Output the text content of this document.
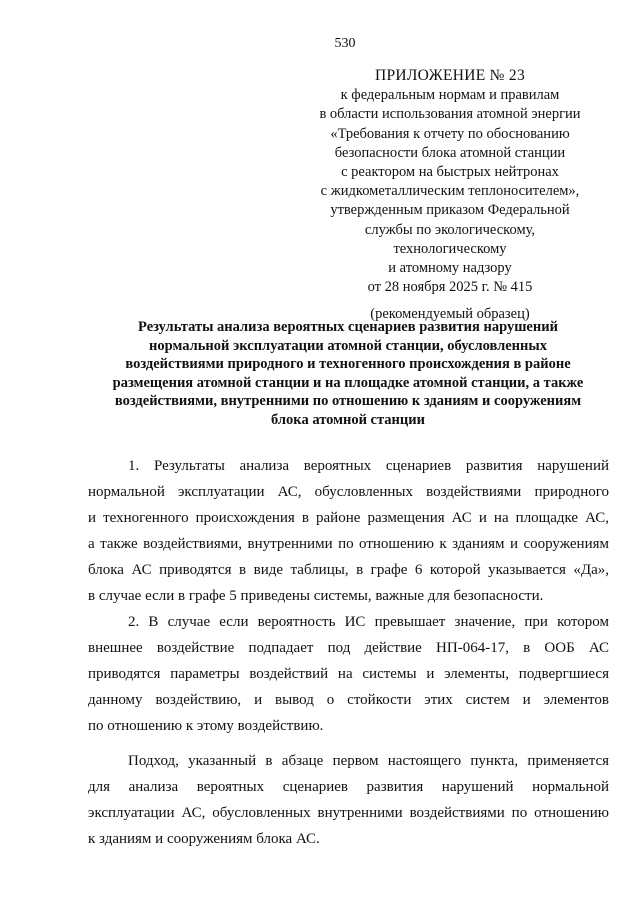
530
ПРИЛОЖЕНИЕ № 23
к федеральным нормам и правилам
в области использования атомной энергии
«Требования к отчету по обоснованию
безопасности блока атомной станции
с реактором на быстрых нейтронах
с жидкометаллическим теплоносителем»,
утвержденным приказом Федеральной
службы по экологическому,
технологическому
и атомному надзору
от 28 ноября 2025 г. № 415
(рекомендуемый образец)
Результаты анализа вероятных сценариев развития нарушений
нормальной эксплуатации атомной станции, обусловленных
воздействиями природного и техногенного происхождения в районе
размещения атомной станции и на площадке атомной станции, а также
воздействиями, внутренними по отношению к зданиям и сооружениям
блока атомной станции
1. Результаты анализа вероятных сценариев развития нарушений
нормальной эксплуатации АС, обусловленных воздействиями природного
и техногенного происхождения в районе размещения АС и на площадке АС,
а также воздействиями, внутренними по отношению к зданиям и сооружениям
блока АС приводятся в виде таблицы, в графе 6 которой указывается «Да»,
в случае если в графе 5 приведены системы, важные для безопасности.
2. В случае если вероятность ИС превышает значение, при котором
внешнее воздействие подпадает под действие НП-064-17, в ООБ АС
приводятся параметры воздействий на системы и элементы, подвергшиеся
данному воздействию, и вывод о стойкости этих систем и элементов
по отношению к этому воздействию.
Подход, указанный в абзаце первом настоящего пункта, применяется
для анализа вероятных сценариев развития нарушений нормальной
эксплуатации АС, обусловленных внутренними воздействиями по отношению
к зданиям и сооружениям блока АС.
